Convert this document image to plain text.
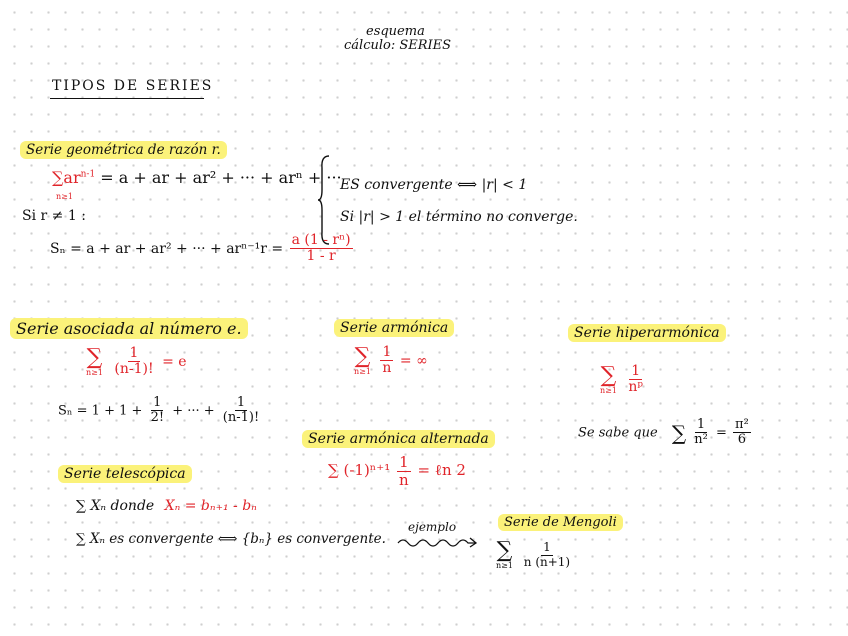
esquema
cálculo: SERIES
TIPOS DE SERIES
Serie geométrica de razón r.
$\sum ar^{n-1} = a$ + ar + ar² + ··· + arⁿ + ···
n≥1
Si r ≠ 1 :
Sₙ = a + ar + ar² + ··· + $ar^{n-1}r = \frac{\text{a (1 - rⁿ)}}{1 - r}$
ES convergente ⟺ |r| < 1
Si |r| > 1 el término no converge.
Serie asociada al número e.
∑
n≥1
$\frac{1}{(n-1)!} = e$
$S_n = 1 + 1 + \frac{1}{2!}$ + ··· + $\frac{1}{(n-1)!}$
Serie armónica
∑
n≥1
$\frac{1}{n}$ = ∞
Serie hiperarmónica
∑
n≥1
$\frac{1}{\text{nᵖ}}$
Se sabe que ∑ $\frac{1}{\text{n²}} = \frac{\text{π²}}{6}$
Serie armónica alternada
∑ $(-1)^{n+1} \frac{1}{n}$ = ℓn 2
Serie telescópica
∑ Xₙ donde Xₙ = bₙ₊₁ - bₙ
∑ Xₙ es convergente ⟺ {bₙ} es convergente.
ejemplo	Serie de Mengoli
∑
n≥1
$\frac{1}{n (n+1)}$
